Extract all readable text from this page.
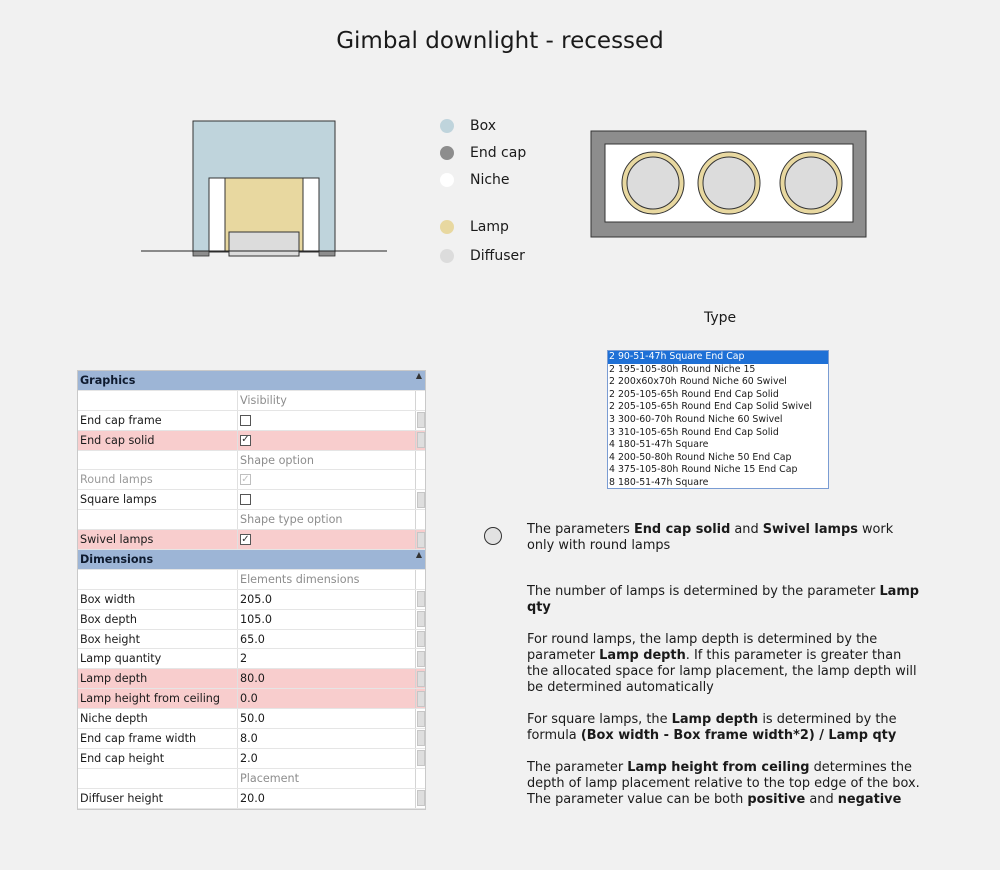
Gimbal downlight - recessed
Box
End cap
Niche
Lamp
Diffuser
Type
2 90-51-47h Square End Cap
2 195-105-80h Round Niche 15
2 200x60x70h Round Niche 60 Swivel
2 205-105-65h Round End Cap Solid
2 205-105-65h Round End Cap Solid Swivel
3 300-60-70h Round Niche 60 Swivel
3 310-105-65h Round End Cap Solid
4 180-51-47h Square
4 200-50-80h Round Niche 50 End Cap
4 375-105-80h Round Niche 15 End Cap
8 180-51-47h Square
Graphics	▲
Visibility
End cap frame
End cap solid	✓
Shape option
Round lamps	✓
Square lamps
Shape type option
Swivel lamps	✓
Dimensions	▲
Elements dimensions
Box width	205.0
Box depth	105.0
Box height	65.0
Lamp quantity	2
Lamp depth	80.0
Lamp height from ceiling	0.0
Niche depth	50.0
End cap frame width	8.0
End cap height	2.0
Placement
Diffuser height	20.0
The parameters End cap solid and Swivel lamps work only with round lamps
The number of lamps is determined by the parameter Lamp qty
For round lamps, the lamp depth is determined by the parameter Lamp depth. If this parameter is greater than the allocated space for lamp placement, the lamp depth will be determined automatically
For square lamps, the Lamp depth is determined by the formula (Box width - Box frame width*2) / Lamp qty
The parameter Lamp height from ceiling determines the depth of lamp placement relative to the top edge of the box. The parameter value can be both positive and negative
